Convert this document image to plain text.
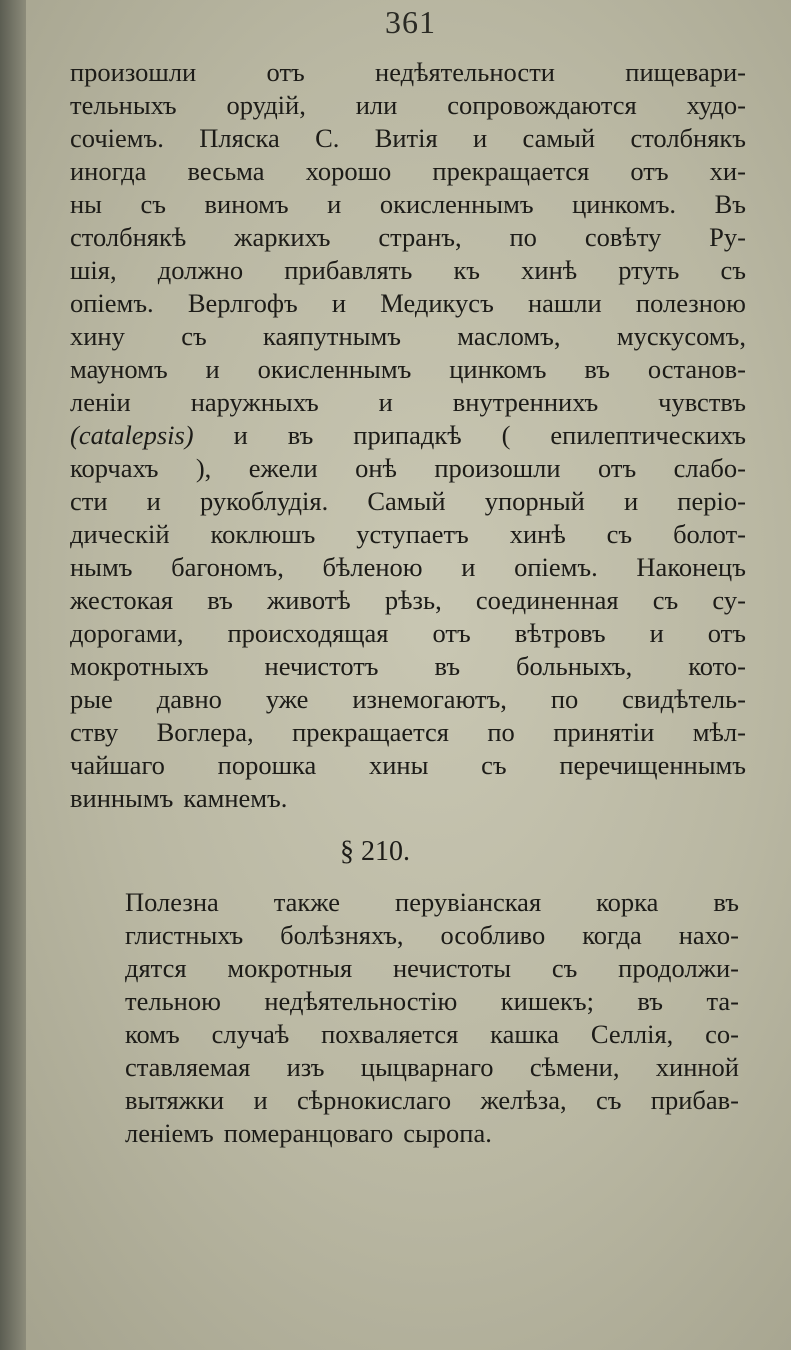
361
произошли	отъ	недѣятельности	пищевари-
тельныхъ орудій, или сопровождаются худо-
сочіемъ. Пляска С. Витія и самый столбнякъ
иногда весьма хорошо прекращается отъ хи-
ны съ виномъ и окисленнымъ цинкомъ. Въ
столбнякѣ жаркихъ странъ, по совѣту Ру-
шія, должно прибавлять къ хинѣ ртуть съ
опіемъ. Верлгофъ и Медикусъ нашли полезною
хину съ каяпутнымъ масломъ, мускусомъ,
мауномъ и окисленнымъ цинкомъ въ останов-
леніи наружныхъ и внутреннихъ чувствъ
(catalepsis) и въ припадкѣ ( епилептическихъ
корчахъ ), ежели онѣ произошли отъ слабо-
сти и рукоблудія. Самый упорный и періо-
дическій коклюшъ уступаетъ хинѣ съ болот-
нымъ багономъ, бѣленою и опіемъ. Наконецъ
жестокая въ животѣ рѣзь, соединенная съ су-
дорогами, происходящая отъ вѣтровъ и отъ
мокротныхъ нечистотъ въ больныхъ, кото-
рые давно уже изнемогаютъ, по свидѣтель-
ству Воглера, прекращается по принятіи мѣл-
чайшаго порошка хины съ перечищеннымъ
виннымъ камнемъ.
§ 210.
Полезна также перувіанская корка въ
глистныхъ болѣзняхъ, особливо когда нахо-
дятся мокротныя нечистоты съ продолжи-
тельною недѣятельностію кишекъ; въ та-
комъ случаѣ похваляется кашка Селлія, со-
ставляемая изъ цыцварнаго сѣмени, хинной
вытяжки и сѣрнокислаго желѣза, съ прибав-
леніемъ померанцоваго сыропа.
